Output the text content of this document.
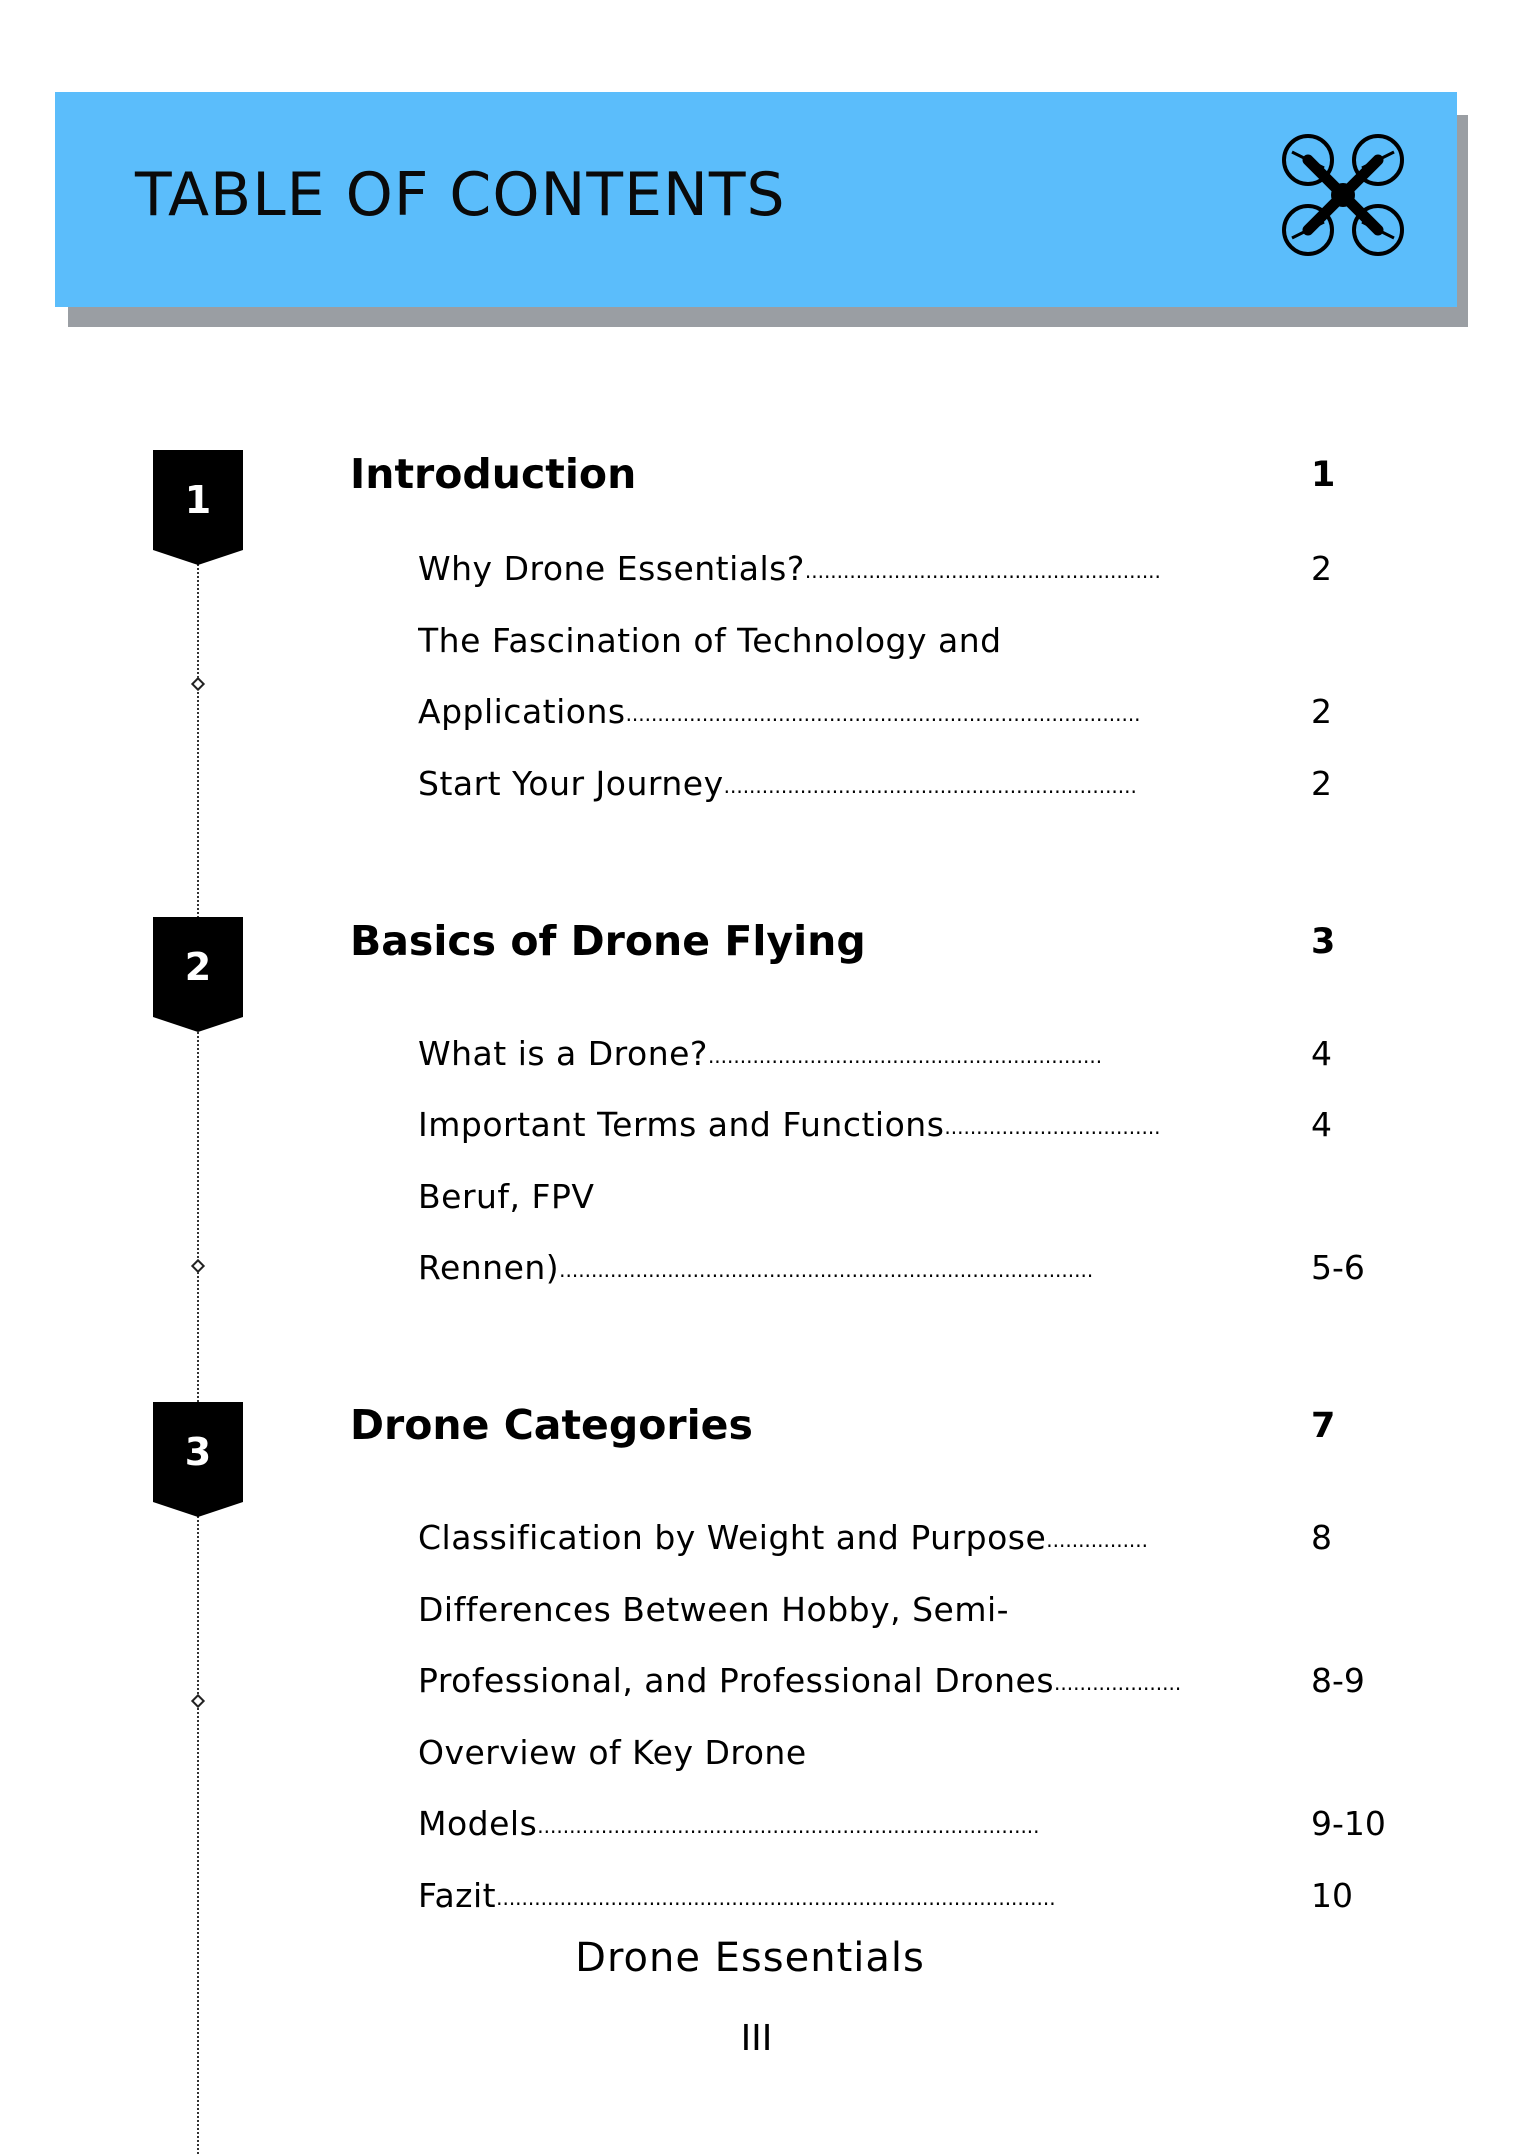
TABLE OF CONTENTS
1
Introduction	1
Why Drone Essentials?........................................................	2
The Fascination of Technology and
Applications.................................................................................	2
Start Your Journey.................................................................	2
2
Basics of Drone Flying	3
What is a Drone?..............................................................	4
Important Terms and Functions..................................	4
Beruf, FPV
Rennen)....................................................................................	5-6
3
Drone Categories	7
Classification by Weight and Purpose................	8
Differences Between Hobby, Semi-
Professional, and Professional Drones....................	8-9
Overview of Key Drone
Models...............................................................................	9-10
Fazit........................................................................................	10
Drone Essentials
III
